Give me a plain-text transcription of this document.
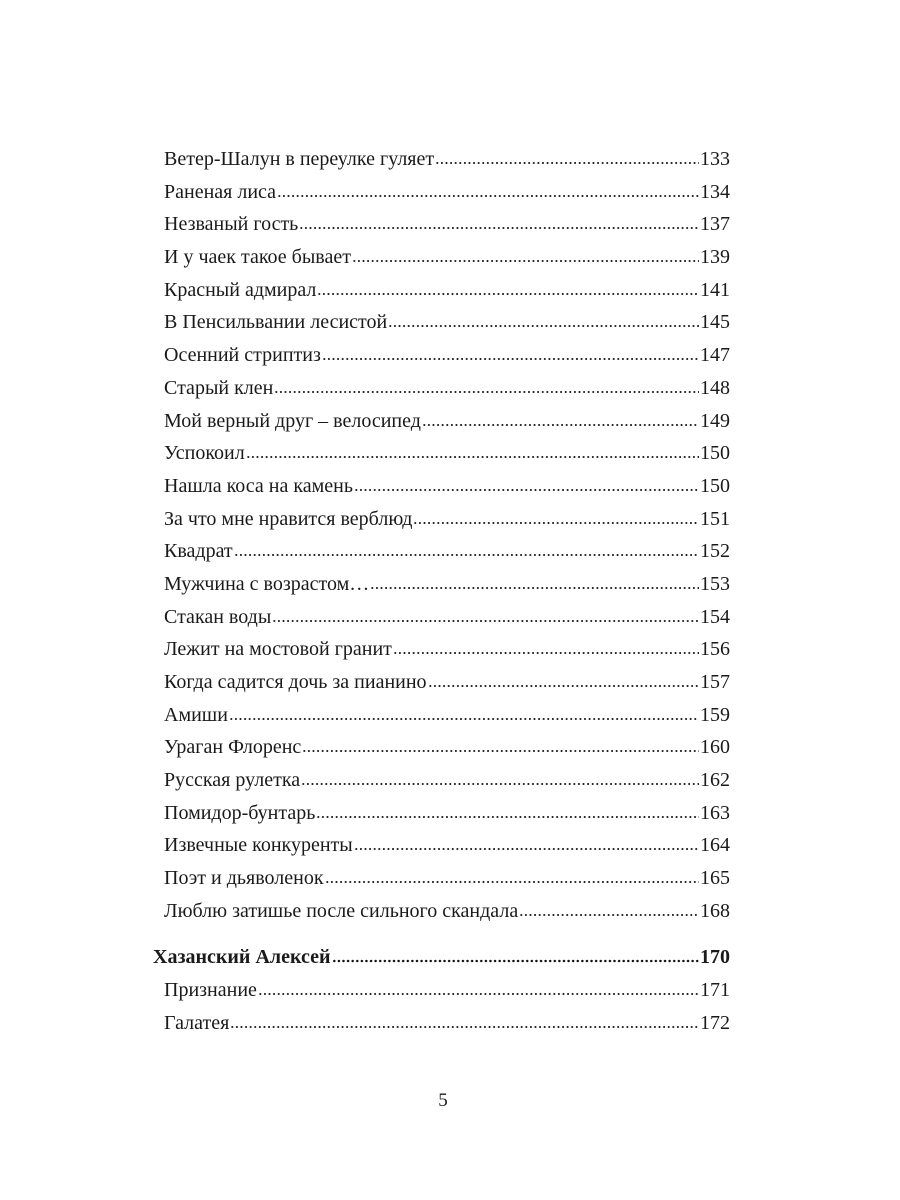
Ветер-Шалун в переулке гуляет	133
Раненая лиса	134
Незваный гость	137
И у чаек такое бывает	139
Красный адмирал	141
В Пенсильвании лесистой	145
Осенний стриптиз	147
Старый клен	148
Мой верный друг – велосипед	149
Успокоил	150
Нашла коса на камень	150
За что мне нравится верблюд	151
Квадрат	152
Мужчина с возрастом…	153
Стакан воды	154
Лежит на мостовой гранит	156
Когда садится дочь за пианино	157
Амиши	159
Ураган Флоренс	160
Русская рулетка	162
Помидор-бунтарь	163
Извечные конкуренты	164
Поэт и дьяволенок	165
Люблю затишье после сильного скандала	168
Хазанский Алексей	170
Признание	171
Галатея	172
5
